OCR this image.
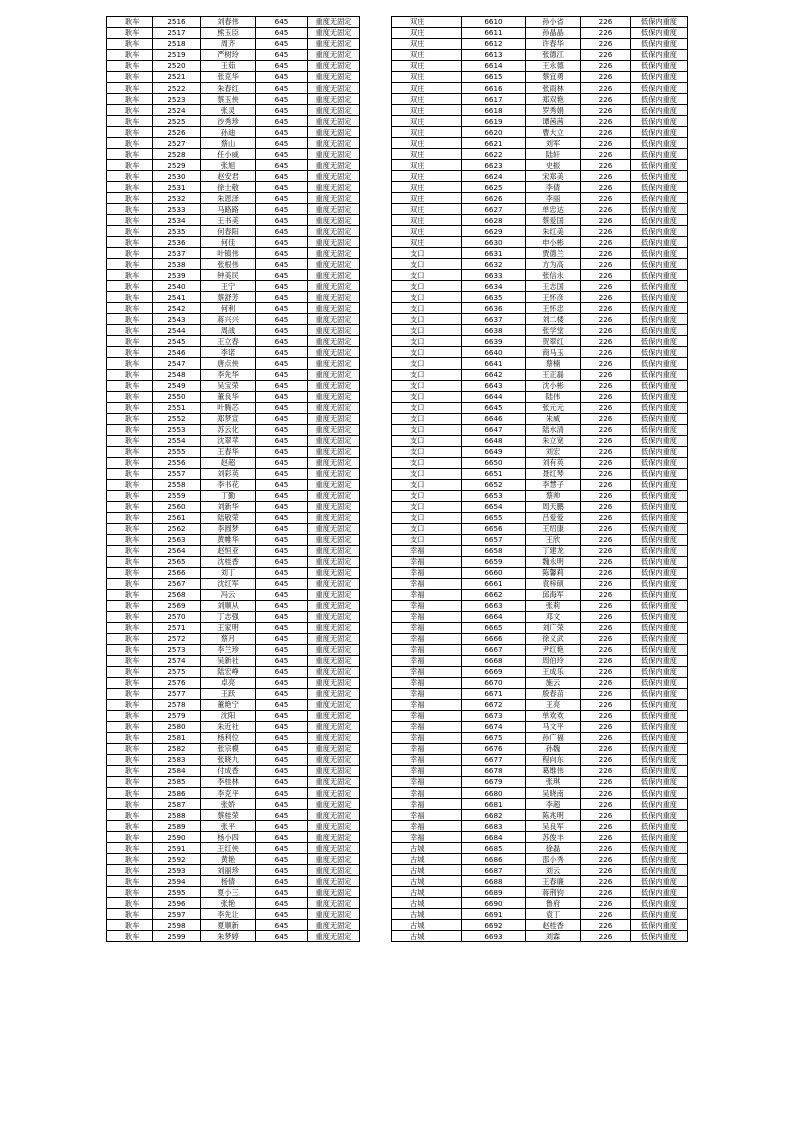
耿车	2516	刘春伟	645	重度无固定
耿车	2517	熊玉臣	645	重度无固定
耿车	2518	周齐	645	重度无固定
耿车	2519	严树玲	645	重度无固定
耿车	2520	王茹	645	重度无固定
耿车	2521	张克华	645	重度无固定
耿车	2522	朱春红	645	重度无固定
耿车	2523	蔡玉侠	645	重度无固定
耿车	2524	张灵	645	重度无固定
耿车	2525	沙秀珍	645	重度无固定
耿车	2526	孙迪	645	重度无固定
耿车	2527	蔡山	645	重度无固定
耿车	2528	任小威	645	重度无固定
耿车	2529	张旭	645	重度无固定
耿车	2530	赵安君	645	重度无固定
耿车	2531	徐士敬	645	重度无固定
耿车	2532	朱恩泽	645	重度无固定
耿车	2533	马路路	645	重度无固定
耿车	2534	王书美	645	重度无固定
耿车	2535	何春阳	645	重度无固定
耿车	2536	何佳	645	重度无固定
耿车	2537	叶镇伟	645	重度无固定
耿车	2538	张根伟	645	重度无固定
耿车	2539	钟美民	645	重度无固定
耿车	2540	王宁	645	重度无固定
耿车	2541	蔡舒芳	645	重度无固定
耿车	2542	何利	645	重度无固定
耿车	2543	蒋兴兴	645	重度无固定
耿车	2544	周战	645	重度无固定
耿车	2545	王立春	645	重度无固定
耿车	2546	李诺	645	重度无固定
耿车	2547	唐点侠	645	重度无固定
耿车	2548	李先华	645	重度无固定
耿车	2549	吴宝荣	645	重度无固定
耿车	2550	董良华	645	重度无固定
耿车	2551	叶腾芯	645	重度无固定
耿车	2552	郑梦宣	645	重度无固定
耿车	2553	苏云化	645	重度无固定
耿车	2554	沈翠苹	645	重度无固定
耿车	2555	王春华	645	重度无固定
耿车	2556	赵超	645	重度无固定
耿车	2557	刘彩英	645	重度无固定
耿车	2558	李书花	645	重度无固定
耿车	2559	丁勤	645	重度无固定
耿车	2560	刘新华	645	重度无固定
耿车	2561	陆敬荣	645	重度无固定
耿车	2562	李圆梦	645	重度无固定
耿车	2563	黄帷华	645	重度无固定
耿车	2564	赵恒亚	645	重度无固定
耿车	2565	沈桂香	645	重度无固定
耿车	2566	刘丁	645	重度无固定
耿车	2567	沈红军	645	重度无固定
耿车	2568	冯云	645	重度无固定
耿车	2569	刘顺从	645	重度无固定
耿车	2570	丁志强	645	重度无固定
耿车	2571	王家明	645	重度无固定
耿车	2572	蔡月	645	重度无固定
耿车	2573	李兰珍	645	重度无固定
耿车	2574	吴新社	645	重度无固定
耿车	2575	陆宏峥	645	重度无固定
耿车	2576	卓亮	645	重度无固定
耿车	2577	王跃	645	重度无固定
耿车	2578	董艳宁	645	重度无固定
耿车	2579	沈阳	645	重度无固定
耿车	2580	朱近社	645	重度无固定
耿车	2581	杨利位	645	重度无固定
耿车	2582	张宗模	645	重度无固定
耿车	2583	张晓九	645	重度无固定
耿车	2584	付成香	645	重度无固定
耿车	2585	李桂林	645	重度无固定
耿车	2586	李克平	645	重度无固定
耿车	2587	张娇	645	重度无固定
耿车	2588	蔡桂荣	645	重度无固定
耿车	2589	张平	645	重度无固定
耿车	2590	杨小四	645	重度无固定
耿车	2591	王红侠	645	重度无固定
耿车	2592	黄艳	645	重度无固定
耿车	2593	刘丽珍	645	重度无固定
耿车	2594	杨倩	645	重度无固定
耿车	2595	夏小三	645	重度无固定
耿车	2596	张艳	645	重度无固定
耿车	2597	李先让	645	重度无固定
耿车	2598	夏顺新	645	重度无固定
耿车	2599	朱梦婷	645	重度无固定
双庄	6610	孙小省	226	低保内重度
双庄	6611	孙晶晶	226	低保内重度
双庄	6612	许春华	226	低保内重度
双庄	6613	张德江	226	低保内重度
双庄	6614	王永德	226	低保内重度
双庄	6615	蔡宜勇	226	低保内重度
双庄	6616	张雨林	226	低保内重度
双庄	6617	郑双艳	226	低保内重度
双庄	6618	罗秀娟	226	低保内重度
双庄	6619	谭茜茜	226	低保内重度
双庄	6620	曹大立	226	低保内重度
双庄	6621	刘军	226	低保内重度
双庄	6622	陆轩	226	低保内重度
双庄	6623	史振	226	低保内重度
双庄	6624	宋郑美	226	低保内重度
双庄	6625	李倩	226	低保内重度
双庄	6626	李丽	226	低保内重度
双庄	6627	单忠达	226	低保内重度
双庄	6628	蔡爱国	226	低保内重度
双庄	6629	朱红美	226	低保内重度
双庄	6630	申小彬	226	低保内重度
支口	6631	贾德兰	226	低保内重度
支口	6632	方为高	226	低保内重度
支口	6633	张信永	226	低保内重度
支口	6634	王志国	226	低保内重度
支口	6635	王怀彦	226	低保内重度
支口	6636	王怀忠	226	低保内重度
支口	6637	刘二楼	226	低保内重度
支口	6638	张学堂	226	低保内重度
支口	6639	贺翠红	226	低保内重度
支口	6640	商马玉	226	低保内重度
支口	6641	蔡楠	226	低保内重度
支口	6642	王正磊	226	低保内重度
支口	6643	沈小彬	226	低保内重度
支口	6644	陆伟	226	低保内重度
支口	6645	张元元	226	低保内重度
支口	6646	朱威	226	低保内重度
支口	6647	陆水清	226	低保内重度
支口	6648	朱立宽	226	低保内重度
支口	6649	刘宏	226	低保内重度
支口	6650	刘有英	226	低保内重度
支口	6651	聂红琴	226	低保内重度
支口	6652	李慧子	226	低保内重度
支口	6653	蔡帅	226	低保内重度
支口	6654	周天鹏	226	低保内重度
支口	6655	吕爱爱	226	低保内重度
支口	6656	王绍康	226	低保内重度
支口	6657	王欣	226	低保内重度
幸福	6658	丁建龙	226	低保内重度
幸福	6659	魏永明	226	低保内重度
幸福	6660	陈馨莉	226	低保内重度
幸福	6661	袁梓硕	226	低保内重度
幸福	6662	邱海军	226	低保内重度
幸福	6663	张莉	226	低保内重度
幸福	6664	邓文	226	低保内重度
幸福	6665	刘广荣	226	低保内重度
幸福	6666	徐义武	226	低保内重度
幸福	6667	尹红艳	226	低保内重度
幸福	6668	周伯玲	226	低保内重度
幸福	6669	王成乐	226	低保内重度
幸福	6670	施云	226	低保内重度
幸福	6671	殷春苗	226	低保内重度
幸福	6672	王亮	226	低保内重度
幸福	6673	单欢欢	226	低保内重度
幸福	6674	马文平	226	低保内重度
幸福	6675	孙广福	226	低保内重度
幸福	6676	孙魏	226	低保内重度
幸福	6677	程向东	226	低保内重度
幸福	6678	葛维伟	226	低保内重度
幸福	6679	张琪	226	低保内重度
幸福	6680	吴晓南	226	低保内重度
幸福	6681	李超	226	低保内重度
幸福	6682	陈兆明	226	低保内重度
幸福	6683	吴良军	226	低保内重度
幸福	6684	苏俊丰	226	低保内重度
古城	6685	徐磊	226	低保内重度
古城	6686	邵小秀	226	低保内重度
古城	6687	刘云	226	低保内重度
古城	6688	王春廉	226	低保内重度
古城	6689	蒋荆钧	226	低保内重度
古城	6690	鲁府	226	低保内重度
古城	6691	袁丁	226	低保内重度
古城	6692	赵桂香	226	低保内重度
古城	6693	刘霖	226	低保内重度
